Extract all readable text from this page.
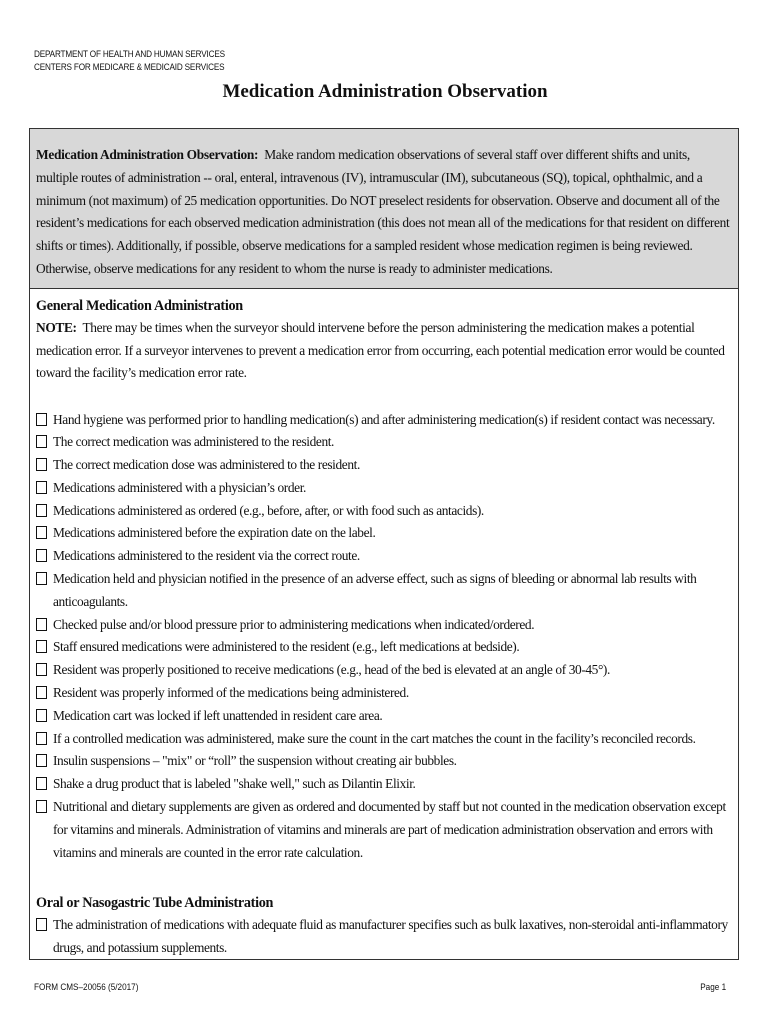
DEPARTMENT OF HEALTH AND HUMAN SERVICES
CENTERS FOR MEDICARE & MEDICAID SERVICES
Medication Administration Observation
Medication Administration Observation: Make random medication observations of several staff over different shifts and units, multiple routes of administration -- oral, enteral, intravenous (IV), intramuscular (IM), subcutaneous (SQ), topical, ophthalmic, and a minimum (not maximum) of 25 medication opportunities. Do NOT preselect residents for observation. Observe and document all of the resident’s medications for each observed medication administration (this does not mean all of the medications for that resident on different shifts or times). Additionally, if possible, observe medications for a sampled resident whose medication regimen is being reviewed. Otherwise, observe medications for any resident to whom the nurse is ready to administer medications.
General Medication Administration
NOTE: There may be times when the surveyor should intervene before the person administering the medication makes a potential medication error. If a surveyor intervenes to prevent a medication error from occurring, each potential medication error would be counted toward the facility’s medication error rate.
Hand hygiene was performed prior to handling medication(s) and after administering medication(s) if resident contact was necessary.
The correct medication was administered to the resident.
The correct medication dose was administered to the resident.
Medications administered with a physician’s order.
Medications administered as ordered (e.g., before, after, or with food such as antacids).
Medications administered before the expiration date on the label.
Medications administered to the resident via the correct route.
Medication held and physician notified in the presence of an adverse effect, such as signs of bleeding or abnormal lab results with anticoagulants.
Checked pulse and/or blood pressure prior to administering medications when indicated/ordered.
Staff ensured medications were administered to the resident (e.g., left medications at bedside).
Resident was properly positioned to receive medications (e.g., head of the bed is elevated at an angle of 30-45°).
Resident was properly informed of the medications being administered.
Medication cart was locked if left unattended in resident care area.
If a controlled medication was administered, make sure the count in the cart matches the count in the facility’s reconciled records.
Insulin suspensions – "mix" or “roll” the suspension without creating air bubbles.
Shake a drug product that is labeled "shake well," such as Dilantin Elixir.
Nutritional and dietary supplements are given as ordered and documented by staff but not counted in the medication observation except for vitamins and minerals. Administration of vitamins and minerals are part of medication administration observation and errors with vitamins and minerals are counted in the error rate calculation.
Oral or Nasogastric Tube Administration
The administration of medications with adequate fluid as manufacturer specifies such as bulk laxatives, non-steroidal anti-inflammatory drugs, and potassium supplements.
FORM CMS–20056 (5/2017)	Page 1
